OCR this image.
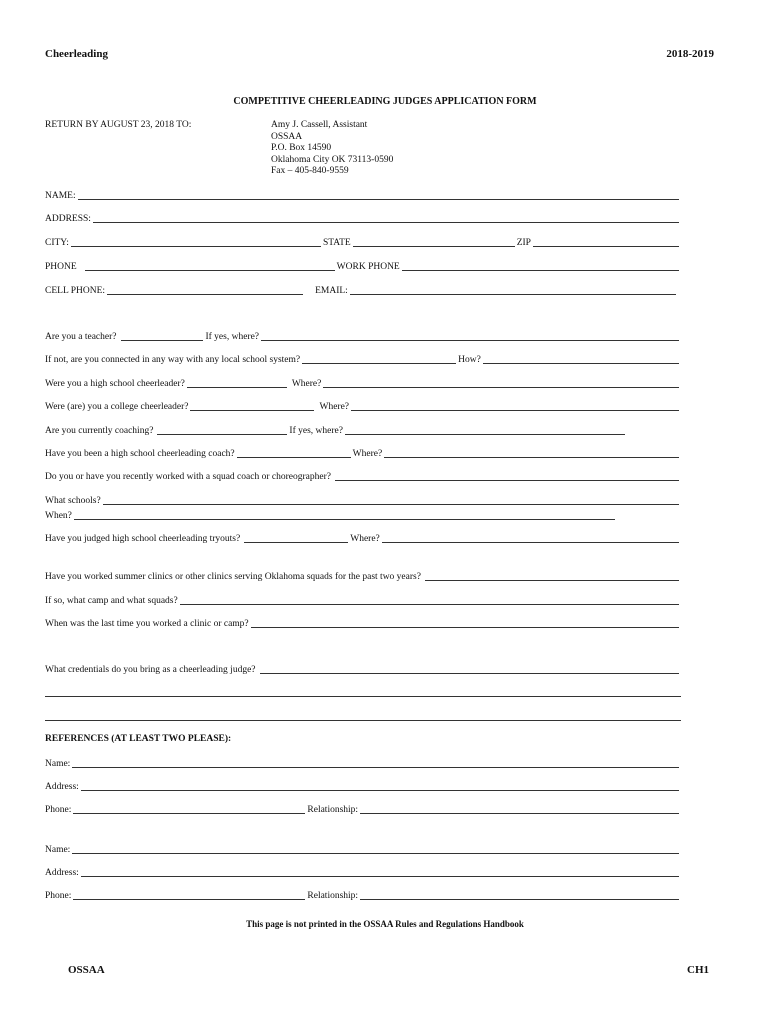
Cheerleading	2018-2019
COMPETITIVE CHEERLEADING JUDGES APPLICATION FORM
RETURN BY AUGUST 23, 2018 TO:	Amy J. Cassell, Assistant
OSSAA
P.O. Box 14590
Oklahoma City OK 73113-0590
Fax – 405-840-9559
NAME:
ADDRESS:
CITY:	STATE	ZIP
PHONE	WORK PHONE
CELL PHONE:	EMAIL:
Are you a teacher?	If yes, where?
If not, are you connected in any way with any local school system?	How?
Were you a high school cheerleader?	Where?
Were (are) you a college cheerleader?	Where?
Are you currently coaching?	If yes, where?
Have you been a high school cheerleading coach?	Where?
Do you or have you recently worked with a squad coach or choreographer?
What schools?
When?
Have you judged high school cheerleading tryouts?	Where?
Have you worked summer clinics or other clinics serving Oklahoma squads for the past two years?
If so, what camp and what squads?
When was the last time you worked a clinic or camp?
What credentials do you bring as a cheerleading judge?
REFERENCES (AT LEAST TWO PLEASE):
Name:
Address:
Phone:	Relationship:
Name:
Address:
Phone:	Relationship:
This page is not printed in the OSSAA Rules and Regulations Handbook
OSSAA	CH1
